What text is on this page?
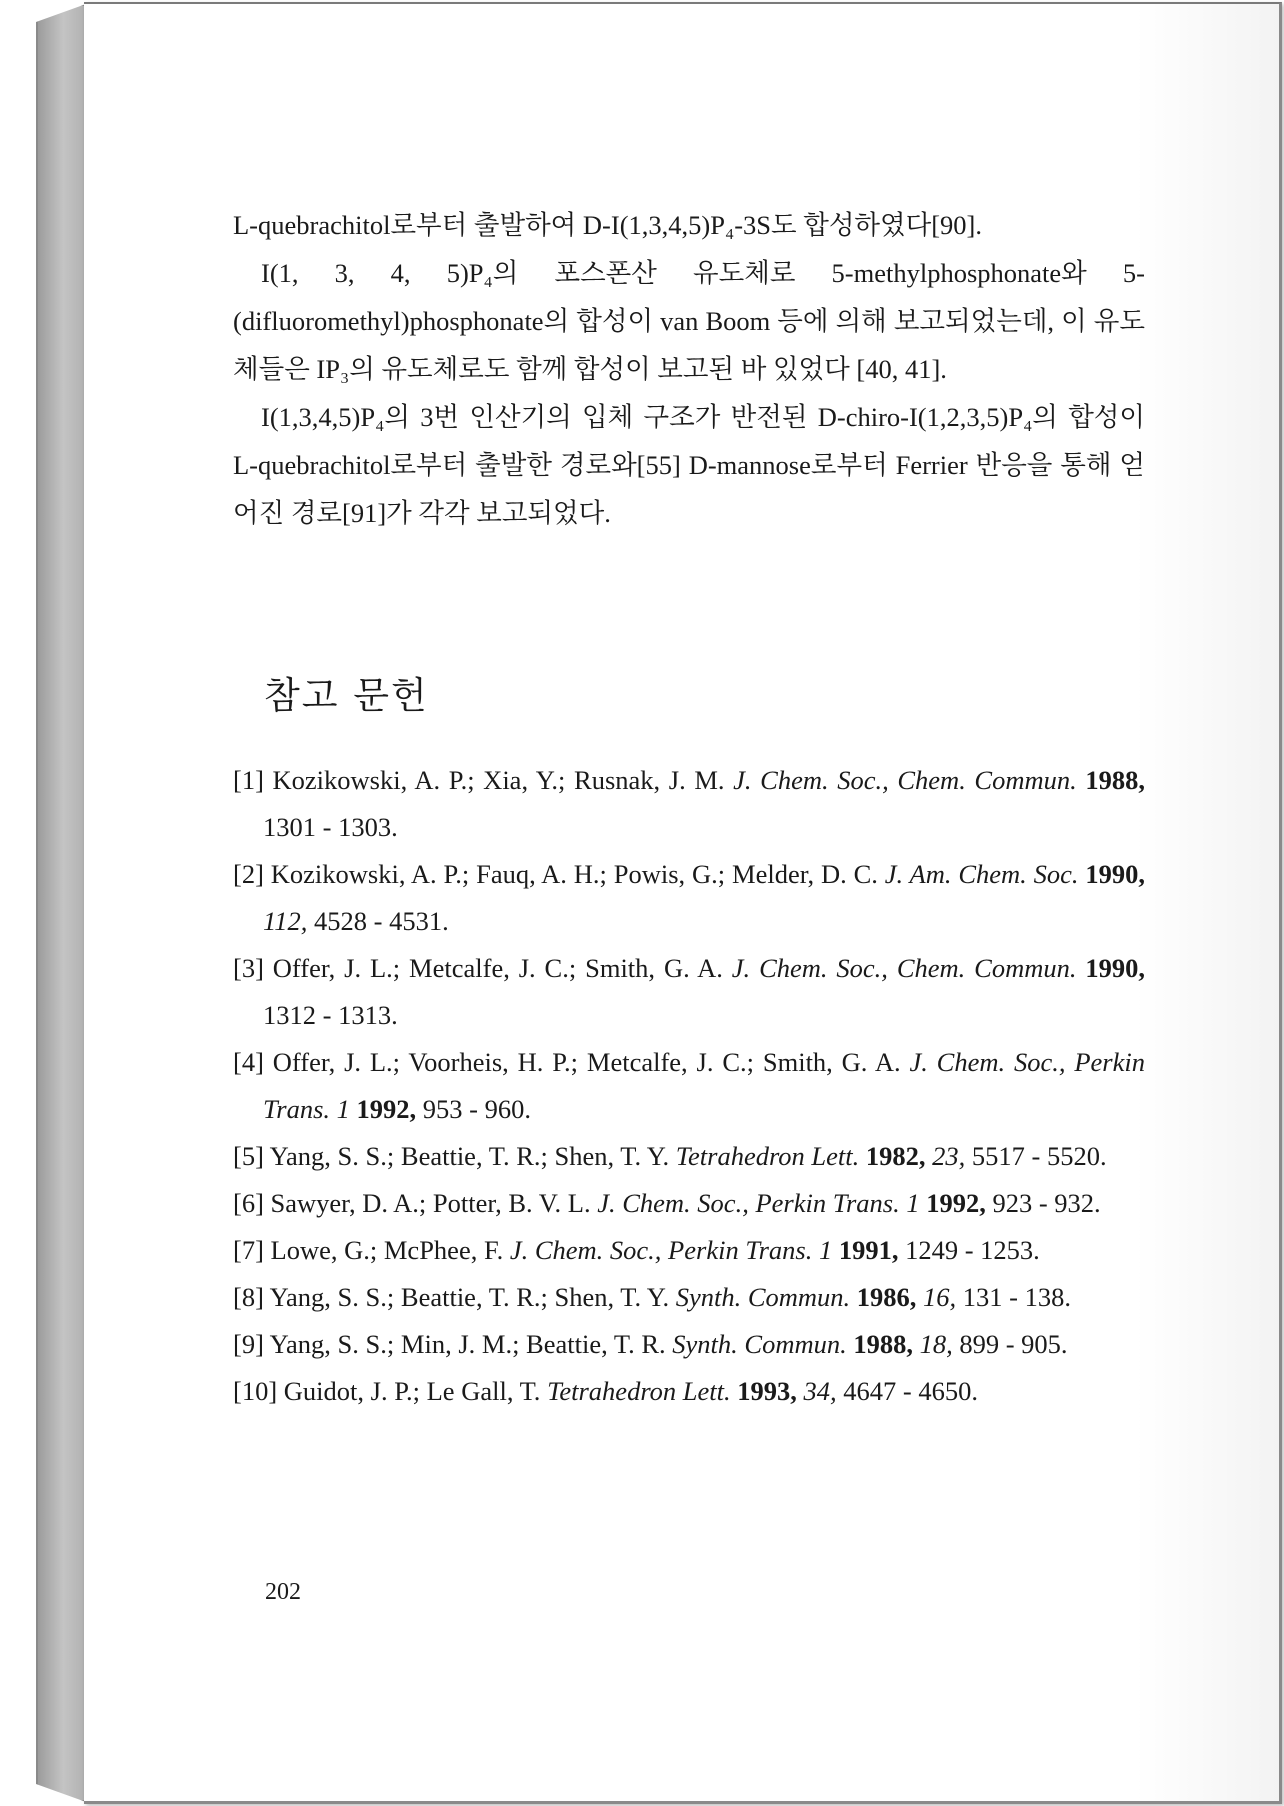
L-quebrachitol로부터 출발하여 D-I(1,3,4,5)P₄-3S도 합성하였다[90].

I(1, 3, 4, 5)P₄의 포스폰산 유도체로 5-methylphosphonate와 5-(difluoromethyl)phosphonate의 합성이 van Boom 등에 의해 보고되었는데, 이 유도체들은 IP₃의 유도체로도 함께 합성이 보고된 바 있었다 [40, 41].

I(1,3,4,5)P₄의 3번 인산기의 입체 구조가 반전된 D-chiro-I(1,2,3,5)P₄의 합성이 L-quebrachitol로부터 출발한 경로와[55] D-mannose로부터 Ferrier 반응을 통해 얻어진 경로[91]가 각각 보고되었다.

참고 문헌
[1] Kozikowski, A. P.; Xia, Y.; Rusnak, J. M. J. Chem. Soc., Chem. Commun. 1988, 1301 - 1303.
[2] Kozikowski, A. P.; Fauq, A. H.; Powis, G.; Melder, D. C. J. Am. Chem. Soc. 1990, 112, 4528 - 4531.
[3] Offer, J. L.; Metcalfe, J. C.; Smith, G. A. J. Chem. Soc., Chem. Commun. 1990, 1312 - 1313.
[4] Offer, J. L.; Voorheis, H. P.; Metcalfe, J. C.; Smith, G. A. J. Chem. Soc., Perkin Trans. 1 1992, 953 - 960.
[5] Yang, S. S.; Beattie, T. R.; Shen, T. Y. Tetrahedron Lett. 1982, 23, 5517 - 5520.
[6] Sawyer, D. A.; Potter, B. V. L. J. Chem. Soc., Perkin Trans. 1 1992, 923 - 932.
[7] Lowe, G.; McPhee, F. J. Chem. Soc., Perkin Trans. 1 1991, 1249 - 1253.
[8] Yang, S. S.; Beattie, T. R.; Shen, T. Y. Synth. Commun. 1986, 16, 131 - 138.
[9] Yang, S. S.; Min, J. M.; Beattie, T. R. Synth. Commun. 1988, 18, 899 - 905.
[10] Guidot, J. P.; Le Gall, T. Tetrahedron Lett. 1993, 34, 4647 - 4650.
202
